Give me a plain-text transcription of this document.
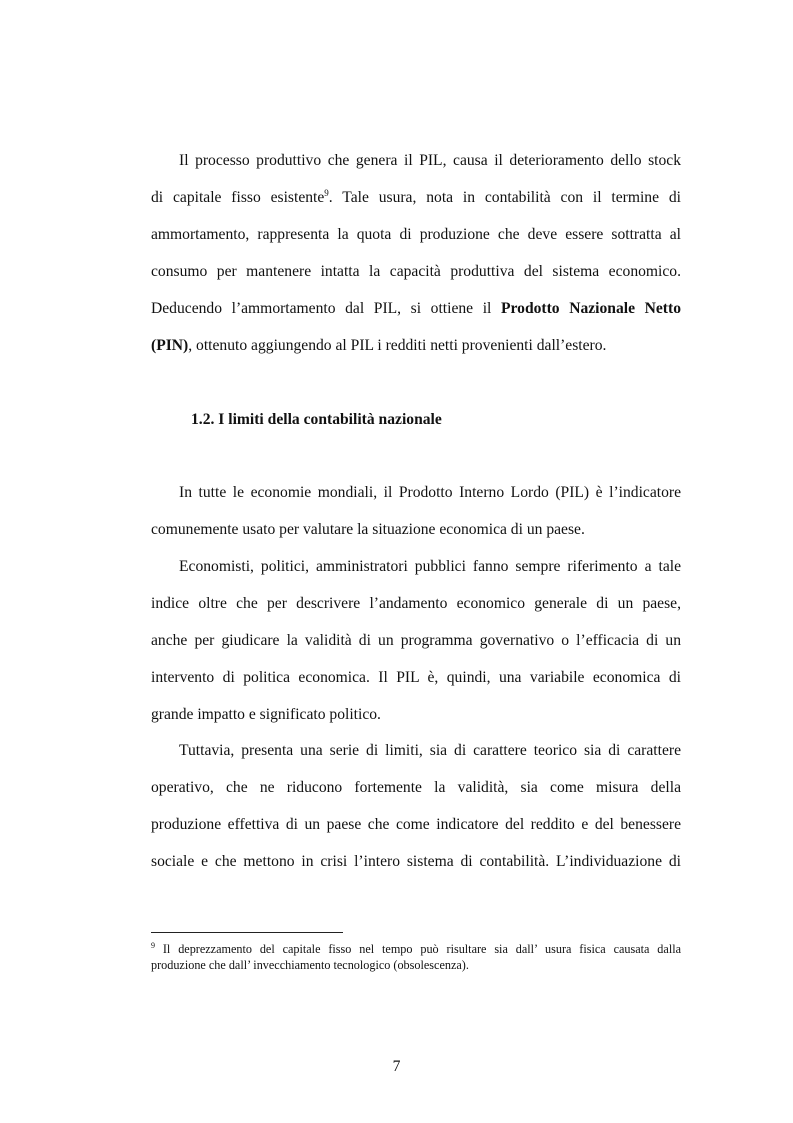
Il processo produttivo che genera il PIL, causa il deterioramento dello stock
di capitale fisso esistente$^9$. Tale usura, nota in contabilità con il termine di
ammortamento, rappresenta la quota di produzione che deve essere sottratta al
consumo per mantenere intatta la capacità produttiva del sistema economico.
Deducendo l’ammortamento dal PIL, si ottiene il Prodotto Nazionale Netto
(PIN), ottenuto aggiungendo al PIL i redditi netti provenienti dall’estero.
1.2. I limiti della contabilità nazionale
In tutte le economie mondiali, il Prodotto Interno Lordo (PIL) è l’indicatore
comunemente usato per valutare la situazione economica di un paese.
Economisti, politici, amministratori pubblici fanno sempre riferimento a tale
indice oltre che per descrivere l’andamento economico generale di un paese,
anche per giudicare la validità di un programma governativo o l’efficacia di un
intervento di politica economica. Il PIL è, quindi, una variabile economica di
grande impatto e significato politico.
Tuttavia, presenta una serie di limiti, sia di carattere teorico sia di carattere
operativo, che ne riducono fortemente la validità, sia come misura della
produzione effettiva di un paese che come indicatore del reddito e del benessere
sociale e che mettono in crisi l’intero sistema di contabilità. L’individuazione di
$^9$ Il deprezzamento del capitale fisso nel tempo può risultare sia dall’ usura fisica causata dalla
produzione che dall’ invecchiamento tecnologico (obsolescenza).
7
